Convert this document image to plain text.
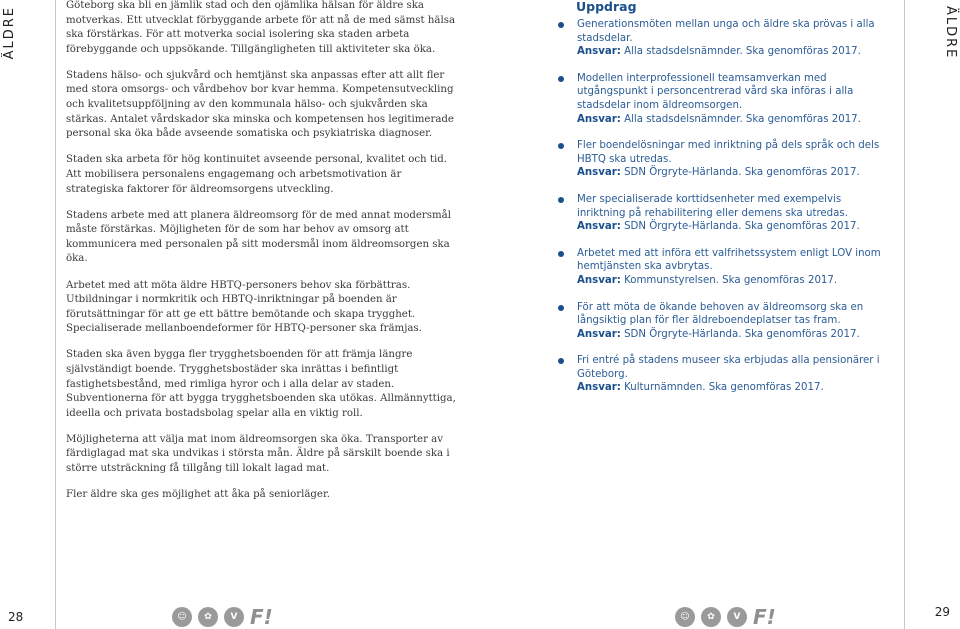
ÄLDRE

Göteborg ska bli en jämlik stad och den ojämlika hälsan för äldre ska motverkas. Ett utvecklat förbyggande arbete för att nå de med sämst hälsa ska förstärkas. För att motverka social isolering ska staden arbeta förebyggande och uppsökande. Tillgängligheten till aktiviteter ska öka.

Stadens hälso- och sjukvård och hemtjänst ska anpassas efter att allt fler med stora omsorgs- och vårdbehov bor kvar hemma. Kompetensutveckling och kvalitetsuppföljning av den kommunala hälso- och sjukvården ska stärkas. Antalet vårdskador ska minska och kompetensen hos legitimerade personal ska öka både avseende somatiska och psykiatriska diagnoser.

Staden ska arbeta för hög kontinuitet avseende personal, kvalitet och tid. Att mobilisera personalens engagemang och arbetsmotivation är strategiska faktorer för äldreomsorgens utveckling.

Stadens arbete med att planera äldreomsorg för de med annat modersmål måste förstärkas. Möjligheten för de som har behov av omsorg att kommunicera med personalen på sitt modersmål inom äldreomsorgen ska öka.

Arbetet med att möta äldre HBTQ-personers behov ska förbättras. Utbildningar i normkritik och HBTQ-inriktningar på boenden är förutsättningar för att ge ett bättre bemötande och skapa trygghet. Specialiserade mellanboendeformer för HBTQ-personer ska främjas.

Staden ska även bygga fler trygghetsboenden för att främja längre självständigt boende. Trygghetsbostäder ska inrättas i befintligt fastighetsbestånd, med rimliga hyror och i alla delar av staden. Subventionerna för att bygga trygghetsboenden ska utökas. Allmännyttiga, ideella och privata bostadsbolag spelar alla en viktig roll.

Möjligheterna att välja mat inom äldreomsorgen ska öka. Transporter av färdiglagad mat ska undvikas i största mån. Äldre på särskilt boende ska i större utsträckning få tillgång till lokalt lagad mat.

Fler äldre ska ges möjlighet att åka på seniorläger.

Uppdrag
Generationsmöten mellan unga och äldre ska prövas i alla stadsdelar.
Ansvar: Alla stadsdelsnämnder. Ska genomföras 2017.
Modellen interprofessionell teamsamverkan med utgångspunkt i personcentrerad vård ska införas i alla stadsdelar inom äldreomsorgen.
Ansvar: Alla stadsdelsnämnder. Ska genomföras 2017.
Fler boendelösningar med inriktning på dels språk och dels HBTQ ska utredas.
Ansvar: SDN Örgryte-Härlanda. Ska genomföras 2017.
Mer specialiserade korttidsenheter med exempelvis inriktning på rehabilitering eller demens ska utredas.
Ansvar: SDN Örgryte-Härlanda. Ska genomföras 2017.
Arbetet med att införa ett valfrihetssystem enligt LOV inom hemtjänsten ska avbrytas.
Ansvar: Kommunstyrelsen. Ska genomföras 2017.
För att möta de ökande behoven av äldreomsorg ska en långsiktig plan för fler äldreboendeplatser tas fram.
Ansvar: SDN Örgryte-Härlanda. Ska genomföras 2017.
Fri entré på stadens museer ska erbjudas alla pensionärer i Göteborg.
Ansvar: Kulturnämnden. Ska genomföras 2017.
ÄLDRE
28	☺	✿	V F!	☺	✿	V F!	29
